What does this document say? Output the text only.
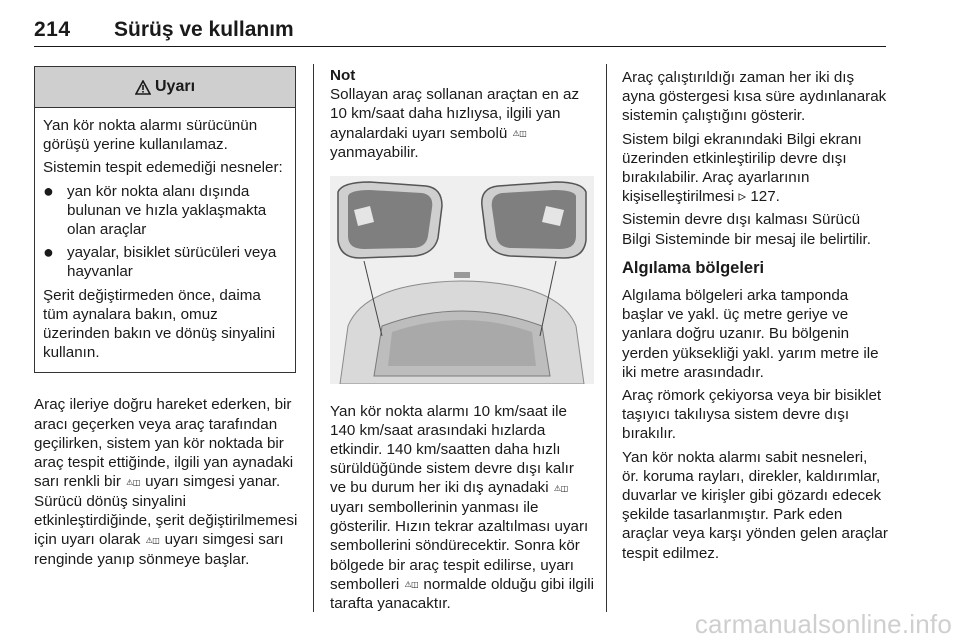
214 Sürüş ve kullanım
Uyarı

Yan kör nokta alarmı sürücünün görüşü yerine kullanılamaz.

Sistemin tespit edemediği nesneler:

● yan kör nokta alanı dışında bulunan ve hızla yaklaşmakta olan araçlar
● yayalar, bisiklet sürücüleri veya hayvanlar

Şerit değiştirmeden önce, daima tüm aynalara bakın, omuz üzerinden bakın ve dönüş sinyalini kullanın.

Araç ileriye doğru hareket ederken, bir aracı geçerken veya araç tarafından geçilirken, sistem yan kör noktada bir araç tespit ettiğinde, ilgili yan aynadaki sarı renkli bir ⚠◫ uyarı simgesi yanar. Sürücü dönüş sinyalini etkinleştirdiğinde, şerit değiştirilmemesi için uyarı olarak ⚠◫ uyarı simgesi sarı renginde yanıp sönmeye başlar.

Not

Sollayan araç sollanan araçtan en az 10 km/saat daha hızlıysa, ilgili yan aynalardaki uyarı sembolü ⚠◫ yanmayabilir.

Yan kör nokta alarmı 10 km/saat ile 140 km/saat arasındaki hızlarda etkindir. 140 km/saatten daha hızlı sürüldüğünde sistem devre dışı kalır ve bu durum her iki dış aynadaki ⚠◫ uyarı sembollerinin yanması ile gösterilir. Hızın tekrar azaltılması uyarı sembollerini söndürecektir. Sonra kör bölgede bir araç tespit edilirse, uyarı sembolleri ⚠◫ normalde olduğu gibi ilgili tarafta yanacaktır.

Araç çalıştırıldığı zaman her iki dış ayna göstergesi kısa süre aydınlanarak sistemin çalıştığını gösterir.

Sistem bilgi ekranındaki Bilgi ekranı üzerinden etkinleştirilip devre dışı bırakılabilir. Araç ayarlarının kişiselleştirilmesi ▹ 127.

Sistemin devre dışı kalması Sürücü Bilgi Sisteminde bir mesaj ile belirtilir.

Algılama bölgeleri

Algılama bölgeleri arka tamponda başlar ve yakl. üç metre geriye ve yanlara doğru uzanır. Bu bölgenin yerden yüksekliği yakl. yarım metre ile iki metre arasındadır.

Araç römork çekiyorsa veya bir bisiklet taşıyıcı takılıysa sistem devre dışı bırakılır.

Yan kör nokta alarmı sabit nesneleri, ör. koruma rayları, direkler, kaldırımlar, duvarlar ve kirişler gibi gözardı edecek şekilde tasarlanmıştır. Park eden araçlar veya karşı yönden gelen araçlar tespit edilmez.

carmanualsonline.info
